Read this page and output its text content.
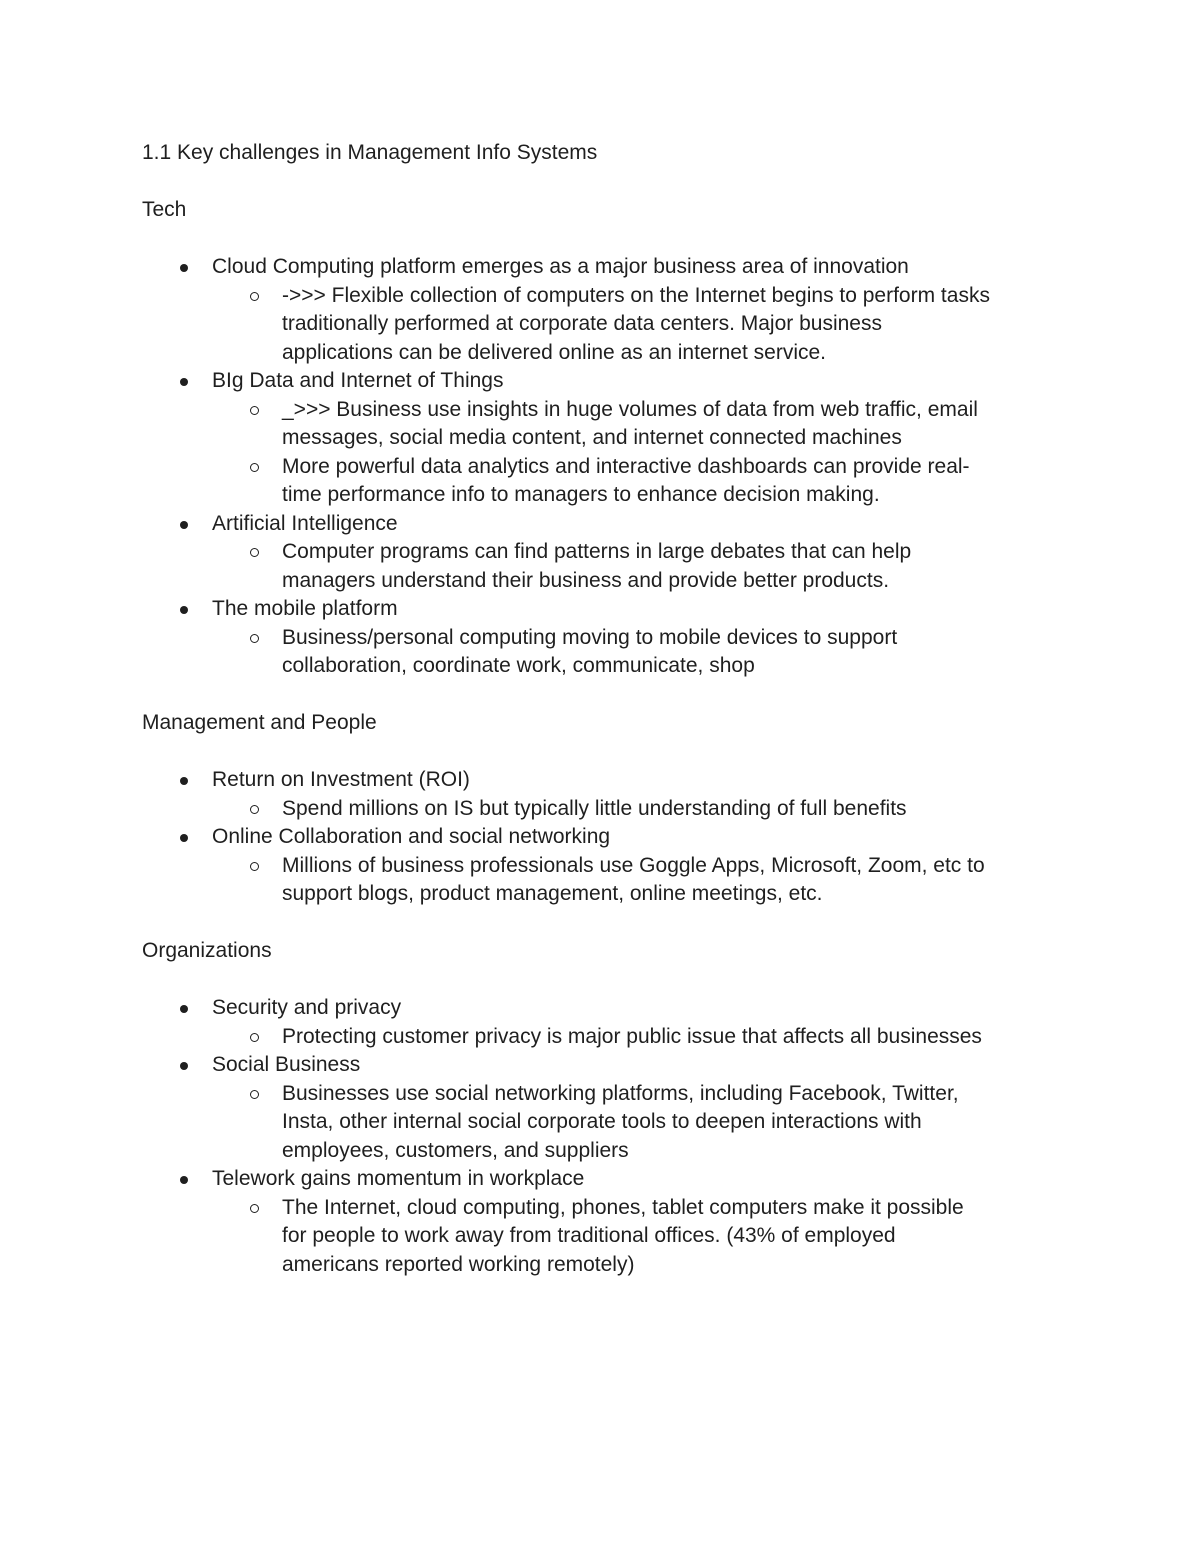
1.1 Key challenges in Management Info Systems

Tech

Cloud Computing platform emerges as a major business area of innovation
->>> Flexible collection of computers on the Internet begins to perform tasks traditionally performed at corporate data centers. Major business applications can be delivered online as an internet service.
BIg Data and Internet of Things
_>>> Business use insights in huge volumes of data from web traffic, email messages, social media content, and internet connected machines
More powerful data analytics and interactive dashboards can provide real-time performance info to managers to enhance decision making.
Artificial Intelligence
Computer programs can find patterns in large debates that can help managers understand their business and provide better products.
The mobile platform
Business/personal computing moving to mobile devices to support collaboration, coordinate work, communicate, shop

Management and People

Return on Investment (ROI)
Spend millions on IS but typically little understanding of full benefits
Online Collaboration and social networking
Millions of business professionals use Goggle Apps, Microsoft, Zoom, etc to support blogs, product management, online meetings, etc.

Organizations

Security and privacy
Protecting customer privacy is major public issue that affects all businesses
Social Business
Businesses use social networking platforms, including Facebook, Twitter, Insta, other internal social corporate tools to deepen interactions with employees, customers, and suppliers
Telework gains momentum in workplace
The Internet, cloud computing, phones, tablet computers make it possible for people to work away from traditional offices. (43% of employed americans reported working remotely)
